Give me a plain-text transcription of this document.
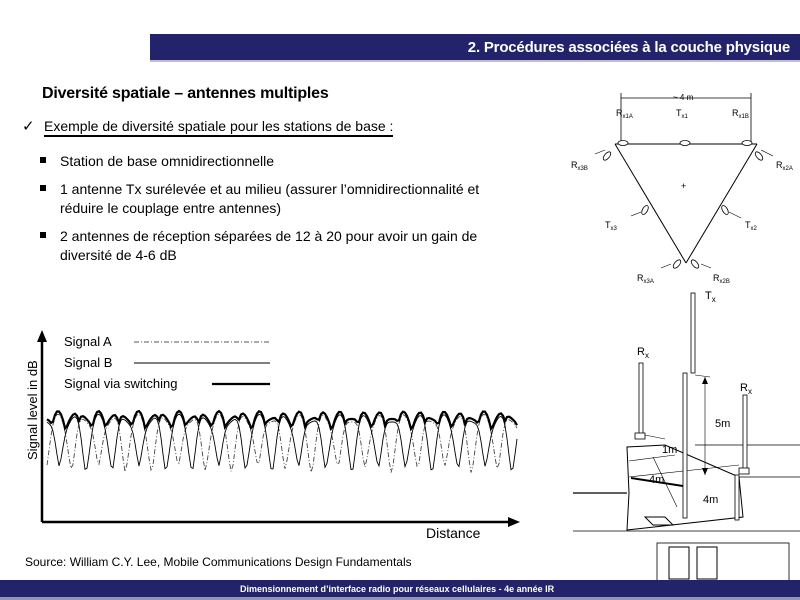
2. Procédures associées à la couche physique
Diversité spatiale – antennes multiples
✓ Exemple de diversité spatiale pour les stations de base :
Station de base omnidirectionnelle
1 antenne Tx surélevée et au milieu (assurer l’omnidirectionnalité et réduire le couplage entre antennes)
2 antennes de réception séparées de 12 à 20 pour avoir un gain de diversité de 4-6 dB
Signal level in dB
Distance
Signal A
Signal B
Signal via switching
Source: William C.Y. Lee, Mobile Communications Design Fundamentals
~ 4 m
$R_{x1A}$	$T_{x1}$	$R_{x1B}$
$R_{x3B}$	$R_{x2A}$
$T_{x3}$	$T_{x2}$
$R_{x3A}$	$R_{x2B}$
+
$T_x$
$R_x$
$R_x$
5m
1m
4m
4m
Dimensionnement d’interface radio pour réseaux cellulaires - 4e année IR
